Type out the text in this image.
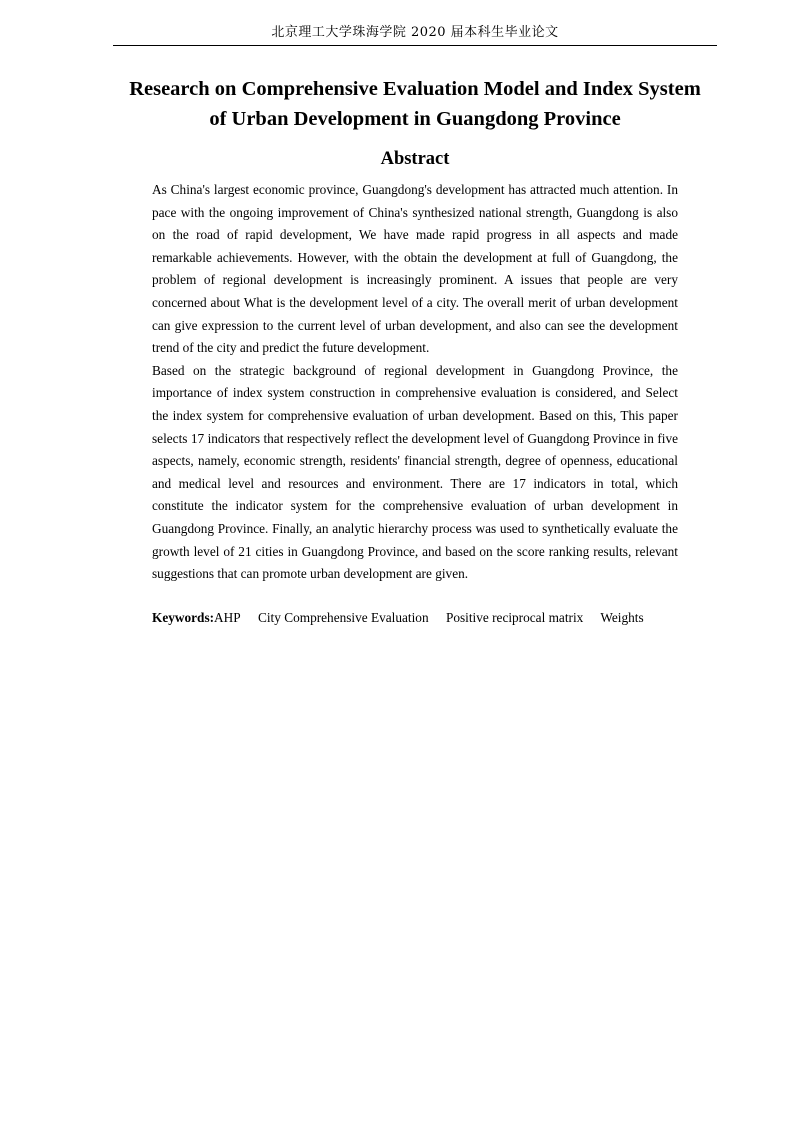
北京理工大学珠海学院 2020 届本科生毕业论文
Research on Comprehensive Evaluation Model and Index System
of Urban Development in Guangdong Province
Abstract

As China's largest economic province, Guangdong's development has attracted much attention. In pace with the ongoing improvement of China's synthesized national strength, Guangdong is also on the road of rapid development, We have made rapid progress in all aspects and made remarkable achievements. However, with the obtain the development at full of Guangdong, the problem of regional development is increasingly prominent. A issues that people are very concerned about What is the development level of a city. The overall merit of urban development can give expression to the current level of urban development, and also can see the development trend of the city and predict the future development.

Based on the strategic background of regional development in Guangdong Province, the importance of index system construction in comprehensive evaluation is considered, and Select the index system for comprehensive evaluation of urban development. Based on this, This paper selects 17 indicators that respectively reflect the development level of Guangdong Province in five aspects, namely, economic strength, residents' financial strength, degree of openness, educational and medical level and resources and environment. There are 17 indicators in total, which constitute the indicator system for the comprehensive evaluation of urban development in Guangdong Province. Finally, an analytic hierarchy process was used to synthetically evaluate the growth level of 21 cities in Guangdong Province, and based on the score ranking results, relevant suggestions that can promote urban development are given.

Keywords:AHP City Comprehensive Evaluation Positive reciprocal matrix Weights
